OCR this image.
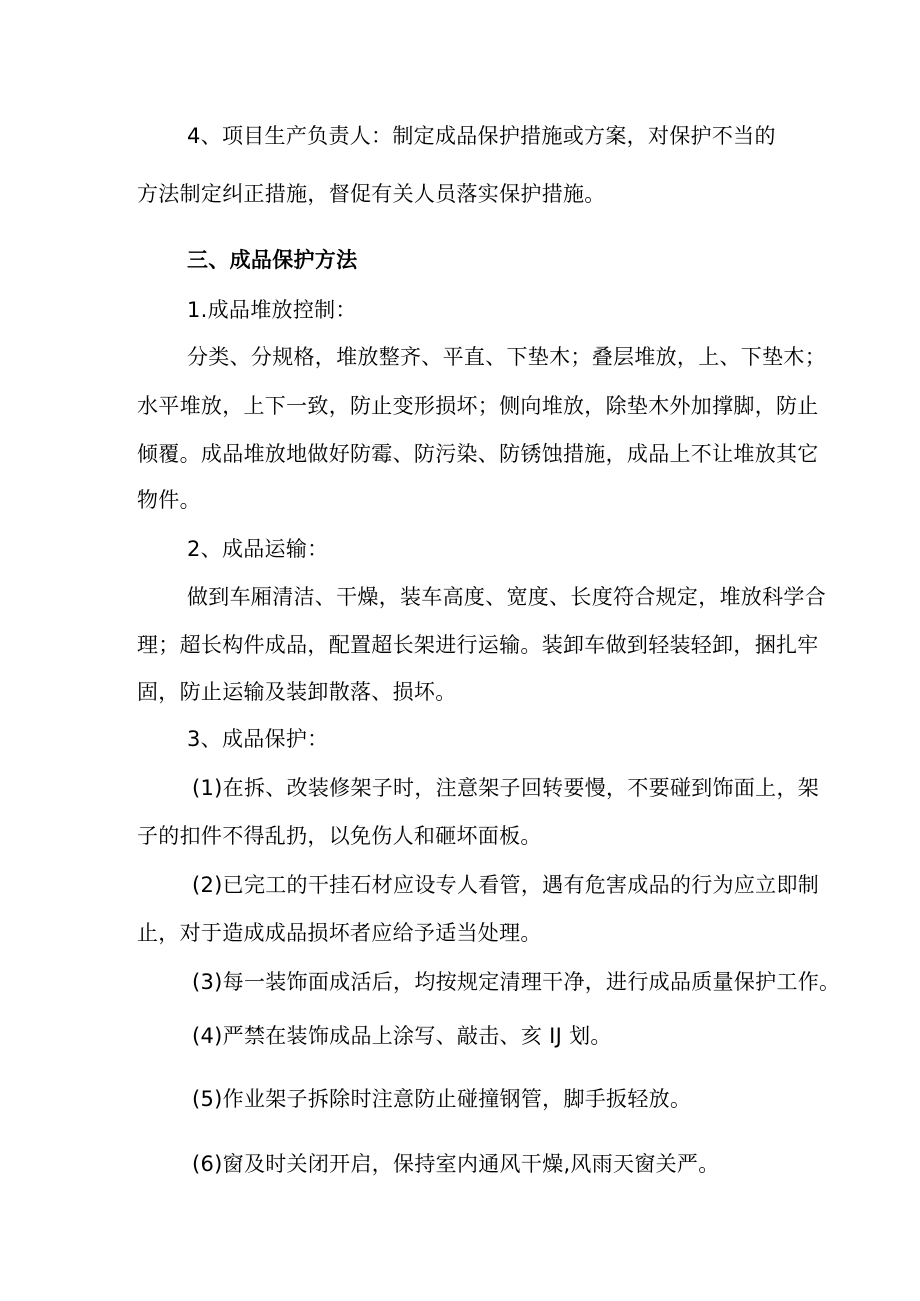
4、项目生产负责人：制定成品保护措施或方案，对保护不当的
方法制定纠正措施，督促有关人员落实保护措施。
三、成品保护方法
1.成品堆放控制：
分类、分规格，堆放整齐、平直、下垫木；叠层堆放，上、下垫木；
水平堆放，上下一致，防止变形损坏；侧向堆放，除垫木外加撑脚，防止
倾覆。成品堆放地做好防霉、防污染、防锈蚀措施，成品上不让堆放其它
物件。
2、成品运输：
做到车厢清洁、干燥，装车高度、宽度、长度符合规定，堆放科学合
理；超长构件成品，配置超长架进行运输。装卸车做到轻装轻卸，捆扎牢
固，防止运输及装卸散落、损坏。
3、成品保护：
(1)在拆、改装修架子时，注意架子回转要慢，不要碰到饰面上，架
子的扣件不得乱扔，以免伤人和砸坏面板。
(2)已完工的干挂石材应设专人看管，遇有危害成品的行为应立即制
止，对于造成成品损坏者应给予适当处理。
(3)每一装饰面成活后，均按规定清理干净，进行成品质量保护工作。
(4)严禁在装饰成品上涂写、敲击、亥 IJ 划。
(5)作业架子拆除时注意防止碰撞钢管，脚手扳轻放。
(6)窗及时关闭开启，保持室内通风干燥,风雨天窗关严。
